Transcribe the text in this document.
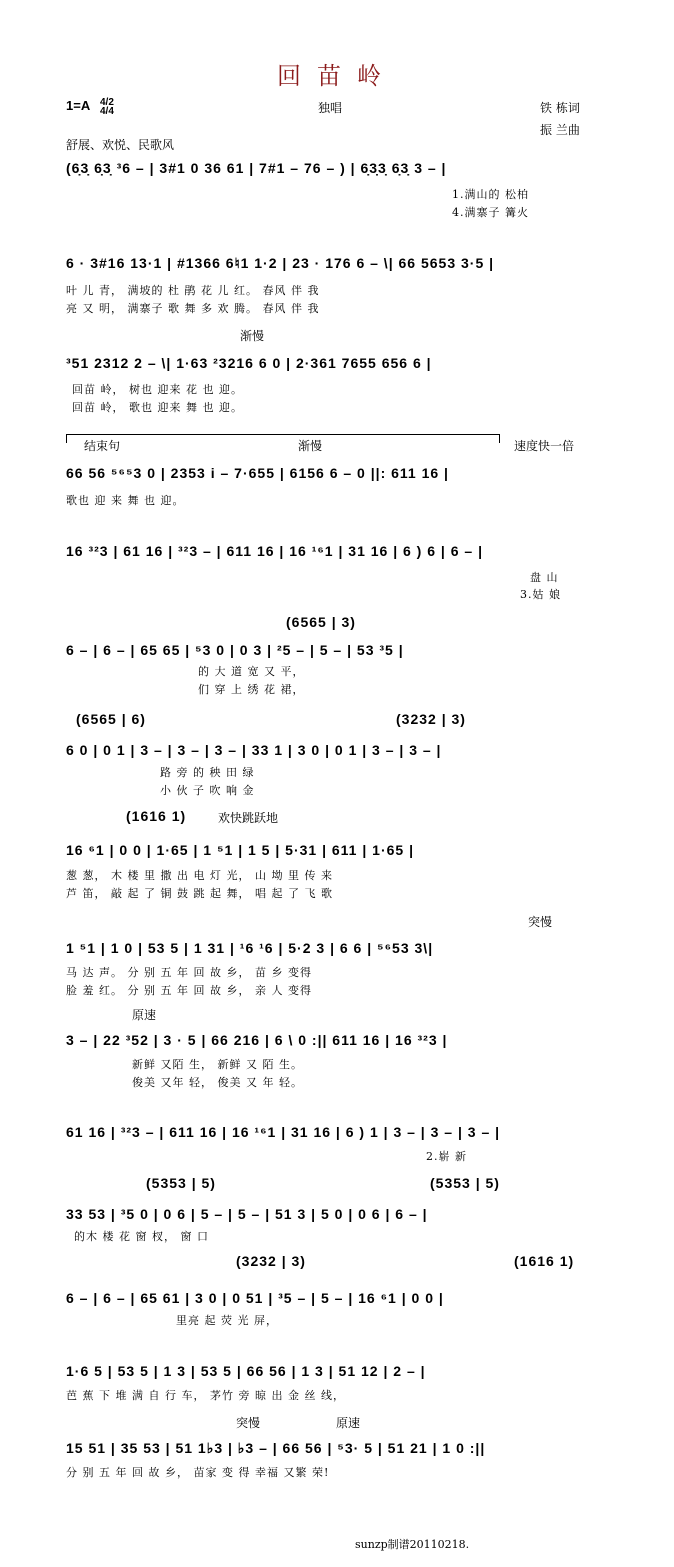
回苗岭
1=A 4/2 4/4	独唱	铁 栋词
振 兰曲
舒展、欢悦、民歌风
(6̣3̣ 6̣3̣ ³6 – | 3#1 0 36 61 | 7#1 – 76 – ) | 6̣3̣3̣ 6̣3̣ 3 – |
1.满山的 松柏
4.满寨子 篝火
6 · 3#16 13·1 | #1366 6♮1 1·2 | 23 · 176 6 – \| 66 5653 3·5 |
叶 儿 青， 满坡的 杜 鹃 花 儿 红。 春风 伴 我
亮 又 明， 满寨子 歌 舞 多 欢 腾。 春风 伴 我
渐慢
³51 2312 2 – \| 1·63 ²3216 6 0 | 2·361 7655 656 6 |
回苗 岭， 树也 迎来 花 也 迎。
回苗 岭， 歌也 迎来 舞 也 迎。
结束句	渐慢	速度快一倍
66 56 ⁵⁶⁵3 0 | 2353 i – 7·655 | 6156 6 – 0 ||: 611 16 |
歌也 迎 来 舞 也 迎。
16 ³²3 | 61 16 | ³²3 – | 611 16 | 16 ¹⁶1 | 31 16 | 6 ) 6 | 6 – |
盘 山
3.姑 娘
(6565 | 3)
6 – | 6 – | 65 65 | ⁵3 0 | 0 3 | ²5 – | 5 – | 53 ³5 |
的 大 道 宽 又 平，
们 穿 上 绣 花 裙，
(6565 | 6)	(3232 | 3)
6 0 | 0 1 | 3 – | 3 – | 3 – | 33 1 | 3 0 | 0 1 | 3 – | 3 – |
路 旁 的 秧 田 绿
小 伙 子 吹 响 金
(1616 1)	欢快跳跃地
16 ⁶1 | 0 0 | 1·65 | 1 ⁵1 | 1 5 | 5·31 | 611 | 1·65 |
葱 葱， 木 楼 里 撒 出 电 灯 光， 山 坳 里 传 来
芦 笛， 敲 起 了 铜 鼓 跳 起 舞， 唱 起 了 飞 歌
突慢
1 ⁵1 | 1 0 | 53 5 | 1 31 | ¹6 ¹6 | 5·2 3 | 6 6 | ⁵⁶53 3\|
马 达 声。 分 别 五 年 回 故 乡， 苗 乡 变得
脸 羞 红。 分 别 五 年 回 故 乡， 亲 人 变得
原速
3 – | 22 ³52 | 3 · 5 | 66 216 | 6 \ 0 :|| 611 16 | 16 ³²3 |
新鲜 又陌 生， 新鲜 又 陌 生。
俊美 又年 轻， 俊美 又 年 轻。
61 16 | ³²3 – | 611 16 | 16 ¹⁶1 | 31 16 | 6 ) 1 | 3 – | 3 – | 3 – |
2.崭 新
(5353 | 5)	(5353 | 5)
33 53 | ³5 0 | 0 6 | 5 – | 5 – | 51 3 | 5 0 | 0 6 | 6 – |
的木 楼 花 窗 杈， 窗 口
(3232 | 3)	(1616 1)
6 – | 6 – | 65 61 | 3 0 | 0 51 | ³5 – | 5 – | 16 ⁶1 | 0 0 |
里亮 起 荧 光 屏，
1·6 5 | 53 5 | 1 3 | 53 5 | 66 56 | 1 3 | 51 12 | 2 – |
芭 蕉 下 堆 满 自 行 车， 茅竹 旁 晾 出 金 丝 线，
突慢	原速
15 51 | 35 53 | 51 1♭3 | ♭3 – | 66 56 | ⁵3· 5 | 51 21 | 1 0 :||
分 别 五 年 回 故 乡， 苗家 变 得 幸福 又繁 荣!
sunzp制谱20110218.
